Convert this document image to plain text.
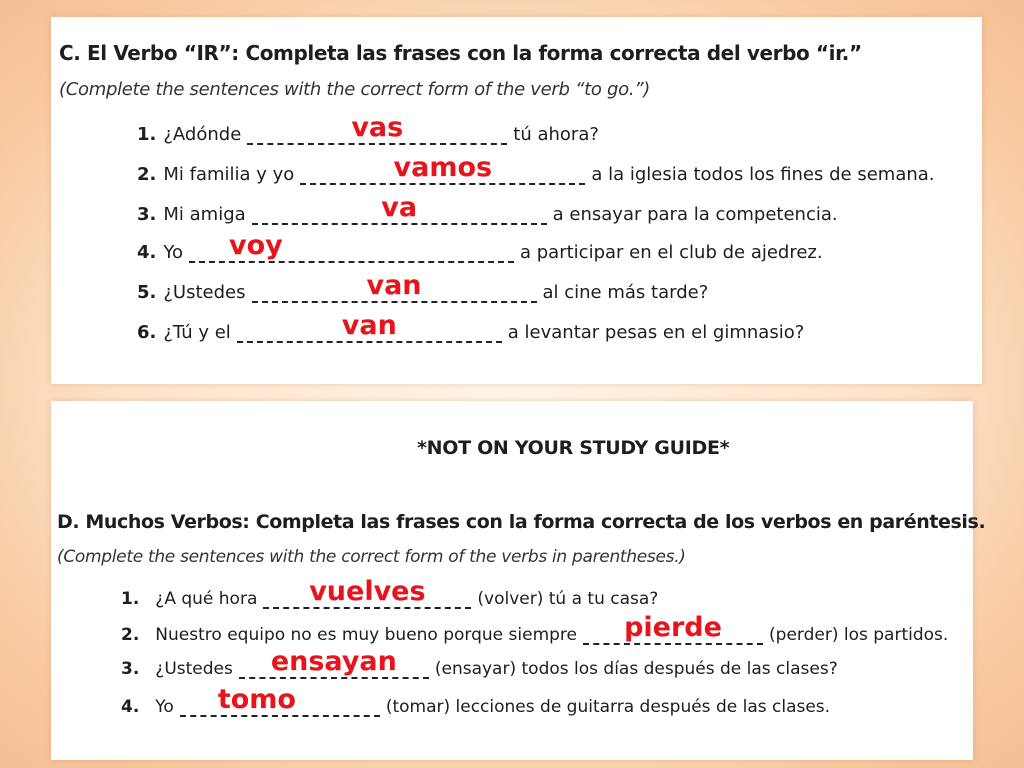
C. El Verbo “IR”: Completa las frases con la forma correcta del verbo “ir.”
(Complete the sentences with the correct form of the verb “to go.”)
1. ¿Adónde	vas	tú ahora?
2. Mi familia y yo	vamos	a la iglesia todos los fines de semana.
3. Mi amiga	va	a ensayar para la competencia.
4. Yo	voy	a participar en el club de ajedrez.
5. ¿Ustedes	van	al cine más tarde?
6. ¿Tú y el	van	a levantar pesas en el gimnasio?
*NOT ON YOUR STUDY GUIDE*
D. Muchos Verbos: Completa las frases con la forma correcta de los verbos en paréntesis.
(Complete the sentences with the correct form of the verbs in parentheses.)
1. ¿A qué hora	vuelves	(volver) tú a tu casa?
2. Nuestro equipo no es muy bueno porque siempre	pierde	(perder) los partidos.
3. ¿Ustedes	ensayan	(ensayar) todos los días después de las clases?
4. Yo	tomo	(tomar) lecciones de guitarra después de las clases.
